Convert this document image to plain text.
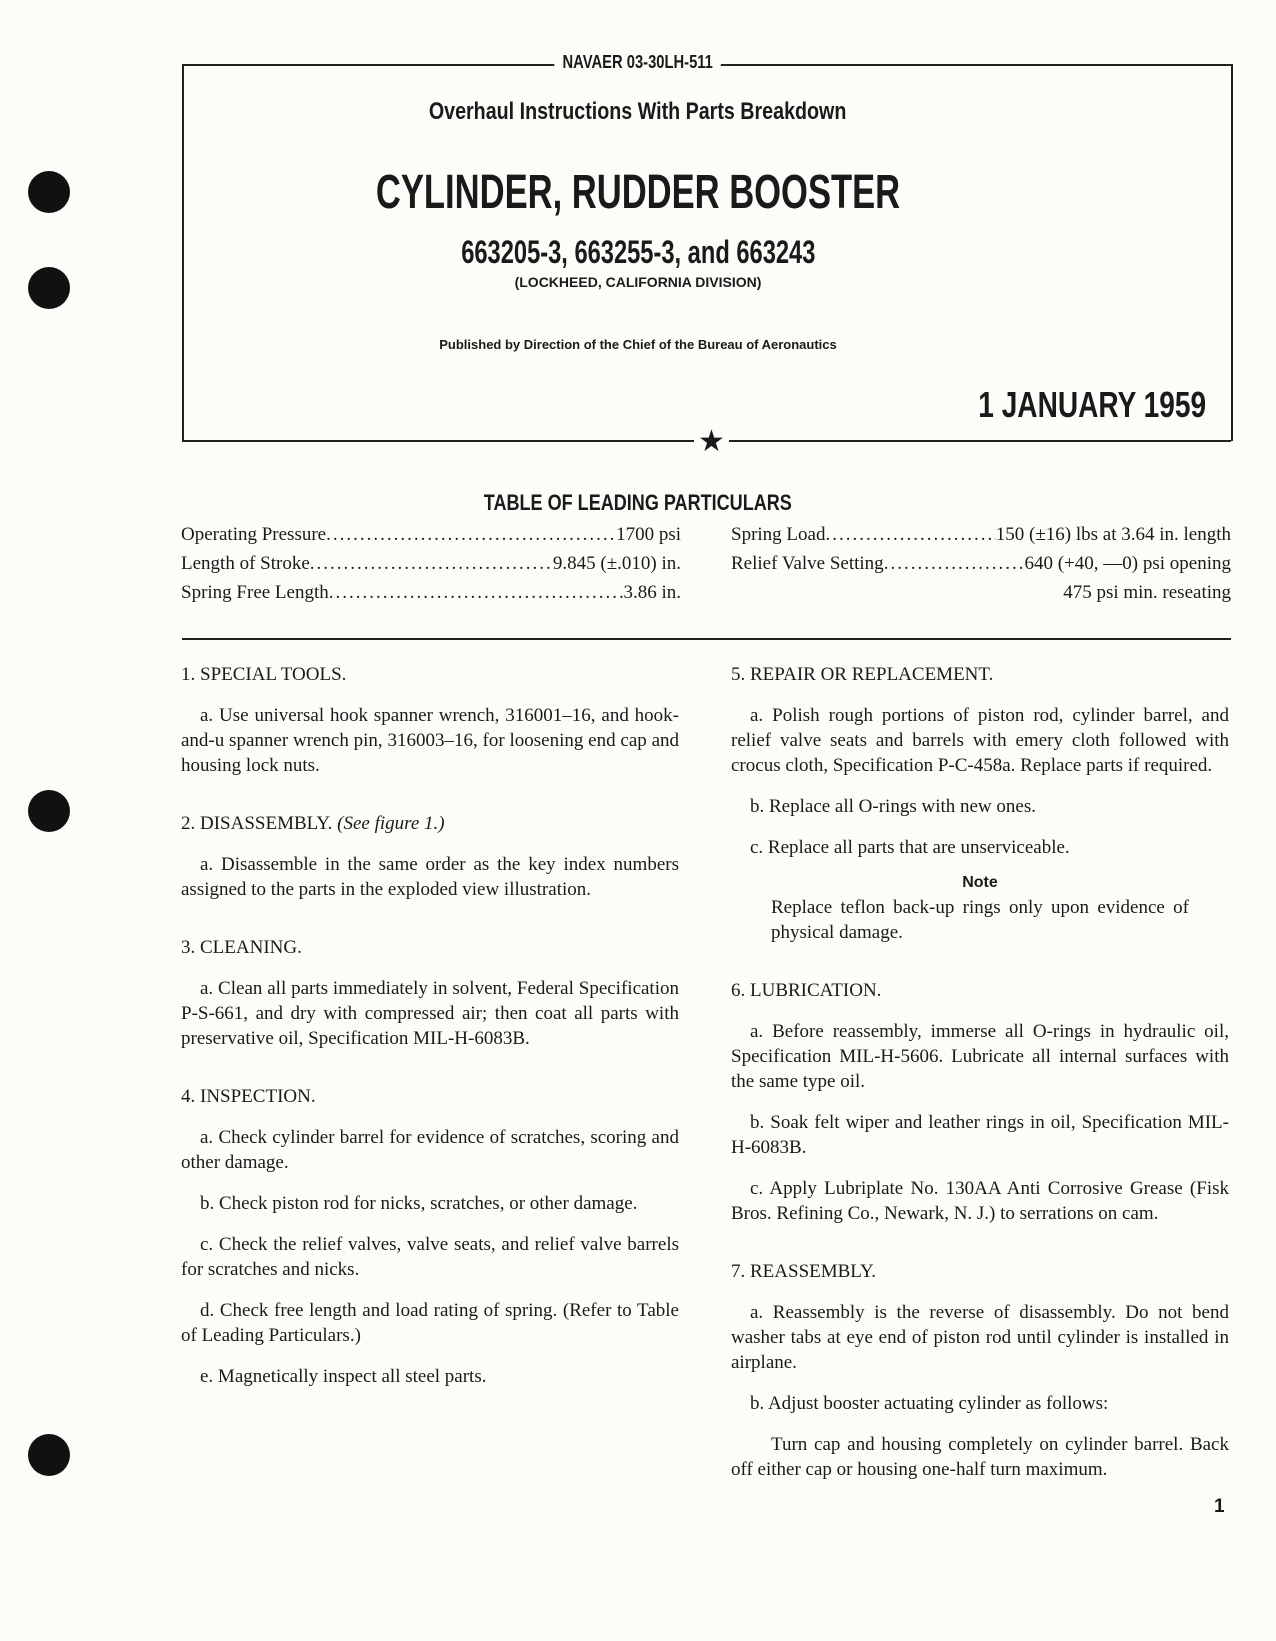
NAVAER 03-30LH-511
Overhaul Instructions With Parts Breakdown
CYLINDER, RUDDER BOOSTER
663205-3, 663255-3, and 663243
(LOCKHEED, CALIFORNIA DIVISION)
Published by Direction of the Chief of the Bureau of Aeronautics
1 JANUARY 1959
★
TABLE OF LEADING PARTICULARS
Operating Pressure .....	1700 psi
Length of Stroke .....	9.845 (±.010) in.
Spring Free Length .....	3.86 in.
Spring Load .....	150 (±16) lbs at 3.64 in. length
Relief Valve Setting .....	640 (+40, —0) psi opening
475 psi min. reseating
1. SPECIAL TOOLS.

a. Use universal hook spanner wrench, 316001–16, and hook-and-u spanner wrench pin, 316003–16, for loosening end cap and housing lock nuts.

2. DISASSEMBLY. (See figure 1.)

a. Disassemble in the same order as the key index numbers assigned to the parts in the exploded view illustration.

3. CLEANING.

a. Clean all parts immediately in solvent, Federal Specification P-S-661, and dry with compressed air; then coat all parts with preservative oil, Specification MIL-H-6083B.

4. INSPECTION.

a. Check cylinder barrel for evidence of scratches, scoring and other damage.

b. Check piston rod for nicks, scratches, or other damage.

c. Check the relief valves, valve seats, and relief valve barrels for scratches and nicks.

d. Check free length and load rating of spring. (Refer to Table of Leading Particulars.)

e. Magnetically inspect all steel parts.

5. REPAIR OR REPLACEMENT.

a. Polish rough portions of piston rod, cylinder barrel, and relief valve seats and barrels with emery cloth followed with crocus cloth, Specification P-C-458a. Replace parts if required.

b. Replace all O-rings with new ones.

c. Replace all parts that are unserviceable.

Note
Replace teflon back-up rings only upon evidence of physical damage.
6. LUBRICATION.

a. Before reassembly, immerse all O-rings in hydraulic oil, Specification MIL-H-5606. Lubricate all internal surfaces with the same type oil.

b. Soak felt wiper and leather rings in oil, Specification MIL-H-6083B.

c. Apply Lubriplate No. 130AA Anti Corrosive Grease (Fisk Bros. Refining Co., Newark, N. J.) to serrations on cam.

7. REASSEMBLY.

a. Reassembly is the reverse of disassembly. Do not bend washer tabs at eye end of piston rod until cylinder is installed in airplane.

b. Adjust booster actuating cylinder as follows:

Turn cap and housing completely on cylinder barrel. Back off either cap or housing one-half turn maximum.

1
